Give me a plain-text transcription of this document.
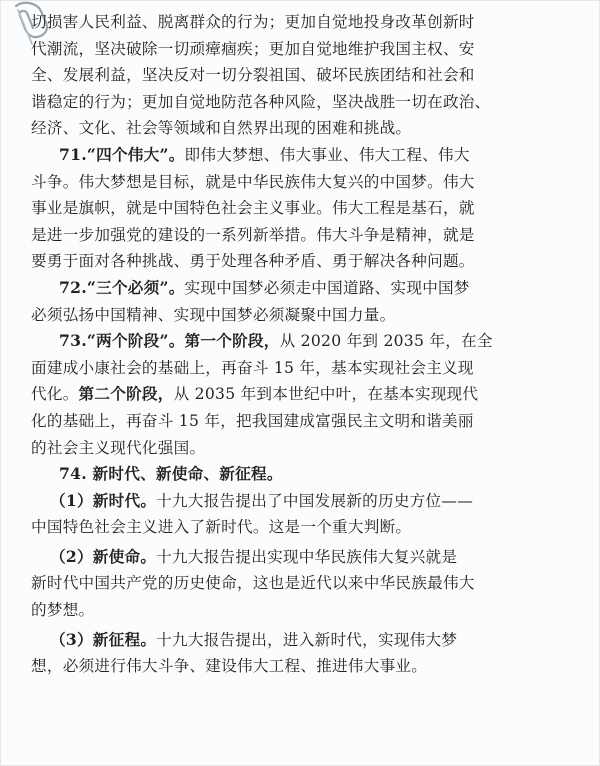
切损害人民利益、脱离群众的行为；更加自觉地投身改革创新时
代潮流，坚决破除一切顽瘴痼疾；更加自觉地维护我国主权、安
全、发展利益，坚决反对一切分裂祖国、破坏民族团结和社会和
谐稳定的行为；更加自觉地防范各种风险，坚决战胜一切在政治、
经济、文化、社会等领域和自然界出现的困难和挑战。
71.“四个伟大”。即伟大梦想、伟大事业、伟大工程、伟大
斗争。伟大梦想是目标，就是中华民族伟大复兴的中国梦。伟大
事业是旗帜，就是中国特色社会主义事业。伟大工程是基石，就
是进一步加强党的建设的一系列新举措。伟大斗争是精神，就是
要勇于面对各种挑战、勇于处理各种矛盾、勇于解决各种问题。
72.“三个必须”。实现中国梦必须走中国道路、实现中国梦
必须弘扬中国精神、实现中国梦必须凝聚中国力量。
73.“两个阶段”。第一个阶段，从 2020 年到 2035 年，在全
面建成小康社会的基础上，再奋斗 15 年，基本实现社会主义现
代化。第二个阶段，从 2035 年到本世纪中叶，在基本实现现代
化的基础上，再奋斗 15 年，把我国建成富强民主文明和谐美丽
的社会主义现代化强国。
74. 新时代、新使命、新征程。
（1）新时代。十九大报告提出了中国发展新的历史方位——
中国特色社会主义进入了新时代。这是一个重大判断。
（2）新使命。十九大报告提出实现中华民族伟大复兴就是
新时代中国共产党的历史使命，这也是近代以来中华民族最伟大
的梦想。
（3）新征程。十九大报告提出，进入新时代，实现伟大梦
想，必须进行伟大斗争、建设伟大工程、推进伟大事业。
